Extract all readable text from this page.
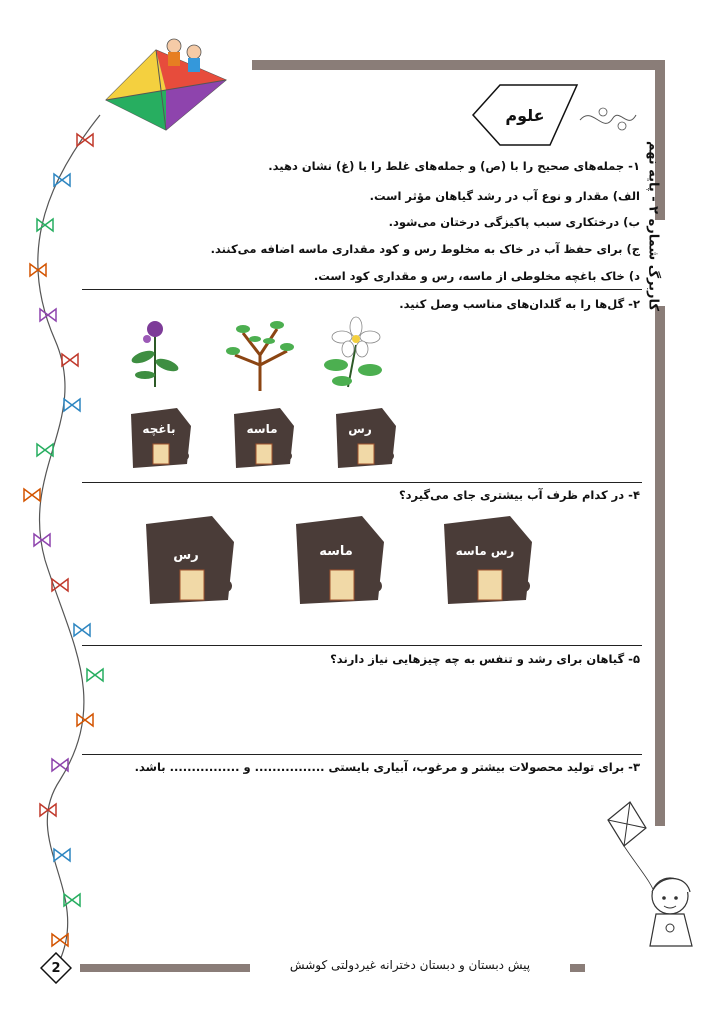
کاربرگ شماره ۲ - پایه نهم
علوم
۱- جمله‌های صحیح را با (ص) و جمله‌های غلط را با (غ) نشان دهید.
الف) مقدار و نوع آب در رشد گیاهان مؤثر است.
ب) درختکاری سبب پاکیزگی درختان می‌شود.
ج) برای حفظ آب در خاک به مخلوط رس و کود مقداری ماسه اضافه می‌کنند.
د) خاک باغچه مخلوطی از ماسه، رس و مقداری کود است.
۲- گل‌ها را به گلدان‌های مناسب وصل کنید.
باغچه	ماسه	رس
۴- در کدام ظرف آب بیشتری جای می‌گیرد؟
رس	ماسه	رس ماسه
۵- گیاهان برای رشد و تنفس به چه چیزهایی نیاز دارند؟
۳- برای تولید محصولات بیشتر و مرغوب، آبیاری بایستی ................ و ................ باشد.
پیش دبستان و دبستان دخترانه غیردولتی کوشش
2
